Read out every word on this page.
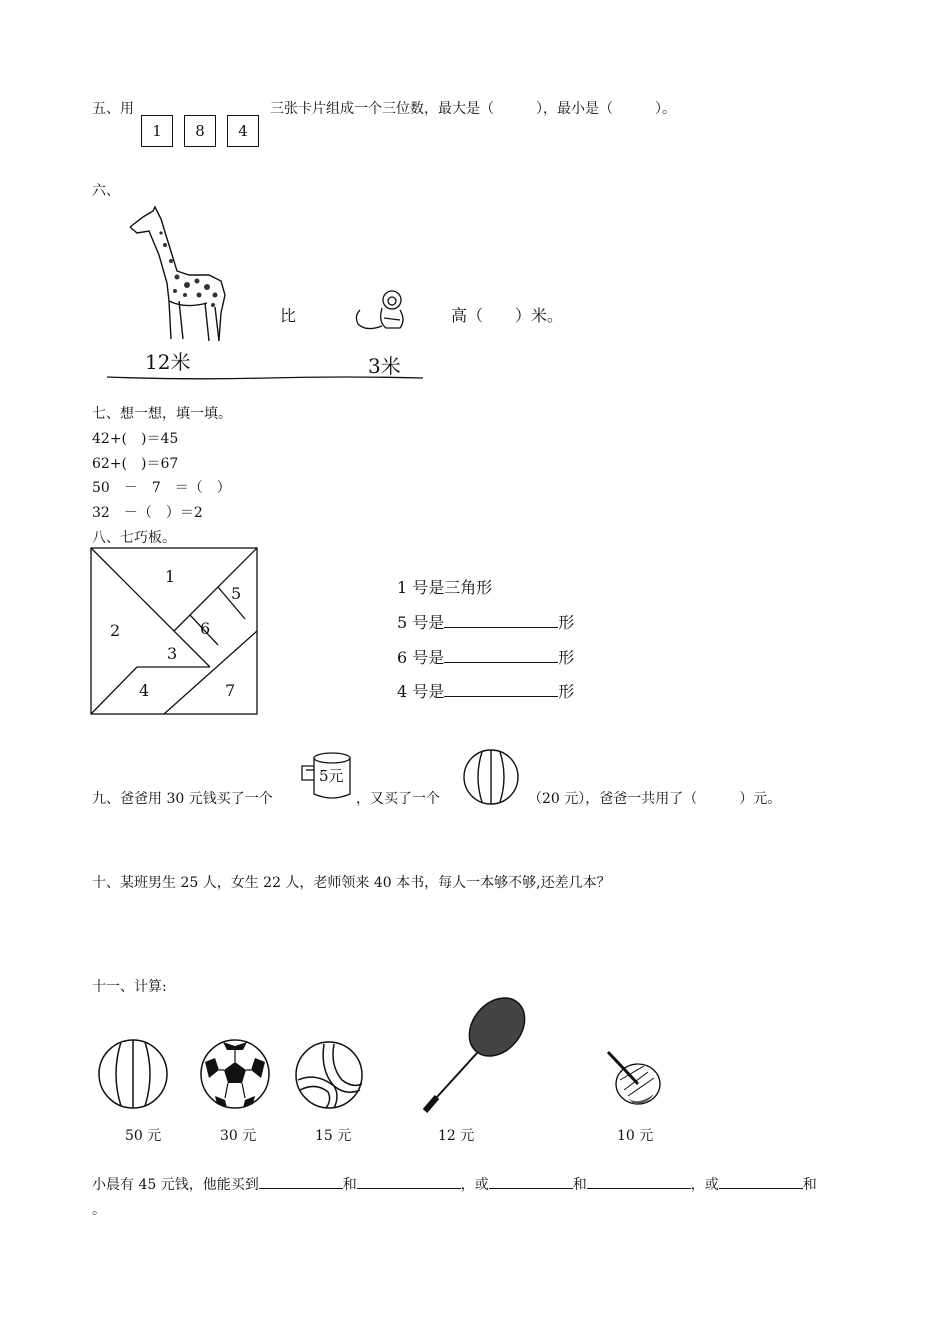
五、用
1	8	4
三张卡片组成一个三位数，最大是（　　　），最小是（　　　）。
六、
12米
比
3米
高（　　）米。
七、想一想，填一填。
42+(　)＝45
62+(　)＝67
50　－　7　＝（　）
32　－（　）＝2
八、七巧板。
1
2
3
4
5
6
7
1 号是三角形
5 号是	形
6 号是	形
4 号是	形
九、爸爸用 30 元钱买了一个
5元
，又买了一个	（20 元），爸爸一共用了（　　　）元。
十、某班男生 25 人，女生 22 人，老师领来 40 本书，每人一本够不够,还差几本？
十一、计算:
50 元	30 元	15 元	12 元	10 元
小晨有 45 元钱，他能买到	和	，或	和	，或	和
。
